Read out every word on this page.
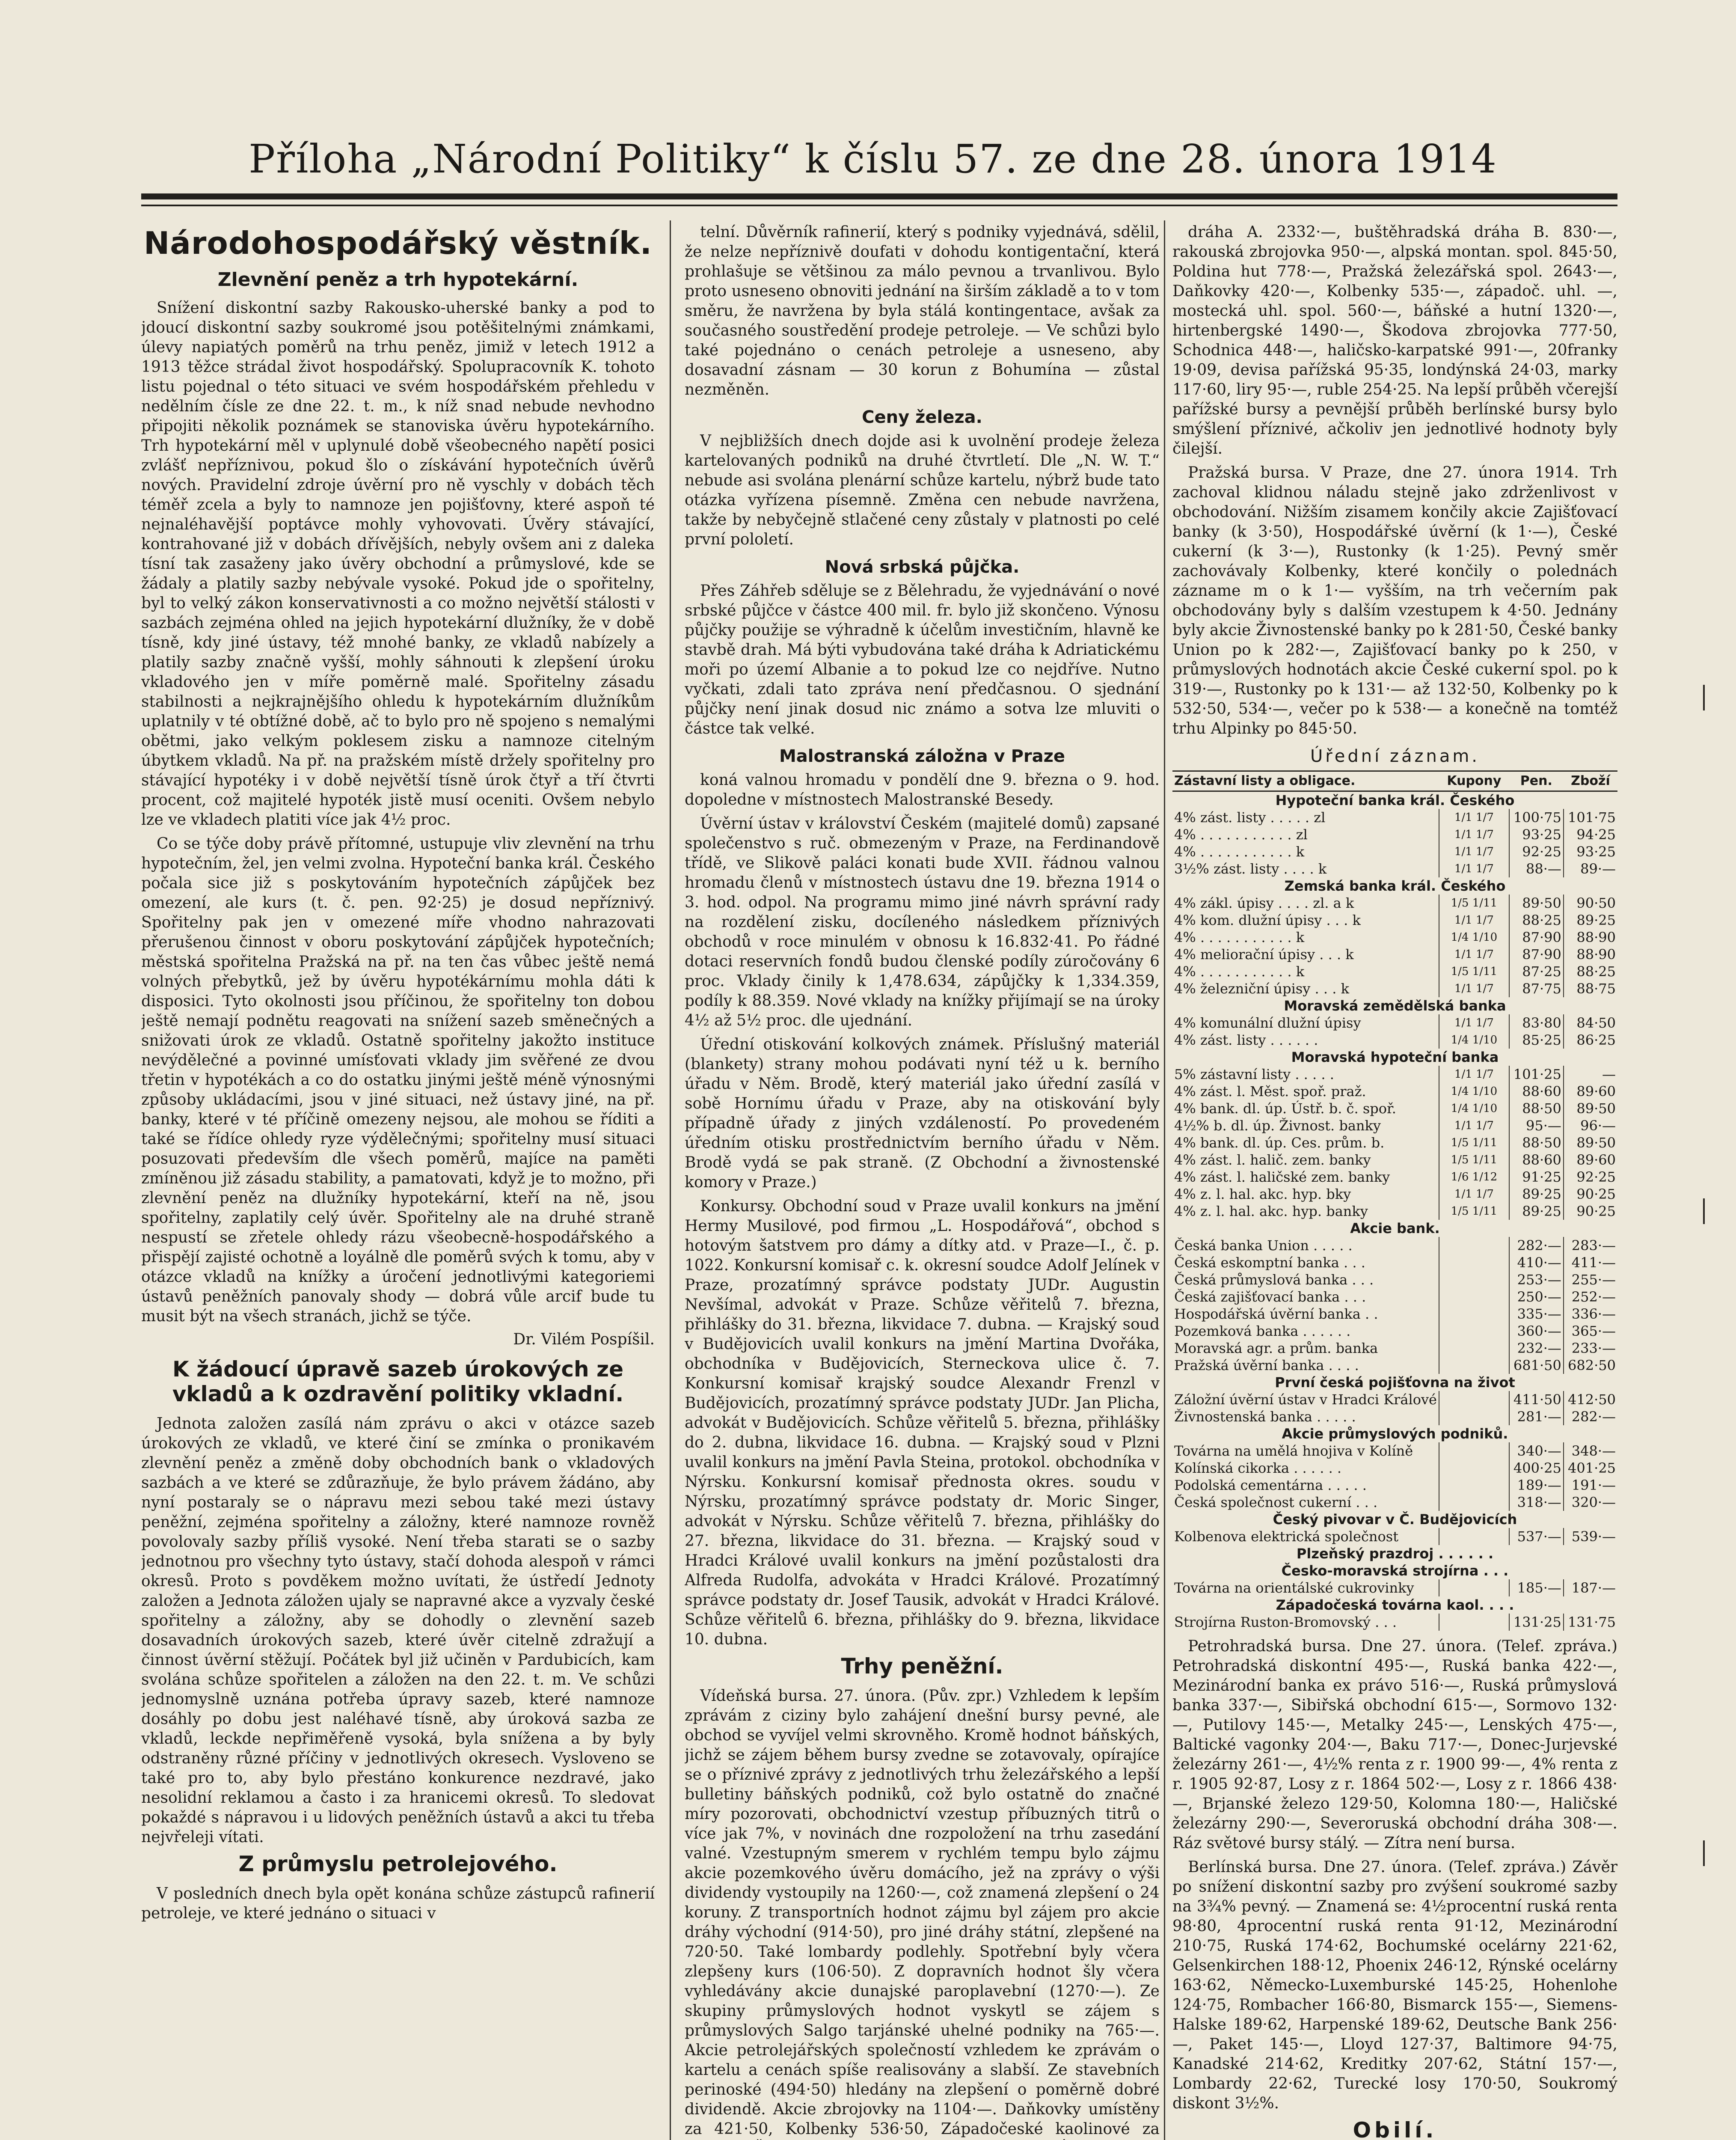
Příloha „Národní Politiky“ k číslu 57. ze dne 28. února 1914
Národohospodářský věstník.
Zlevnění peněz a trh hypotekární.

Snížení diskontní sazby Rakousko-uherské banky a pod to jdoucí diskontní sazby soukromé jsou potěšitelnými známkami, úlevy napiatých poměrů na trhu peněz, jimiž v letech 1912 a 1913 těžce strádal život hospodářský. Spolupracovník K. tohoto listu pojednal o této situaci ve svém hospodářském přehledu v nedělním čísle ze dne 22. t. m., k níž snad nebude nevhodno připojiti několik poznámek se stanoviska úvěru hypotekárního. Trh hypotekární měl v uplynulé době všeobecného napětí posici zvlášť nepříznivou, pokud šlo o získávání hypotečních úvěrů nových. Pravidelní zdroje úvěrní pro ně vyschly v dobách těch téměř zcela a byly to namnoze jen pojišťovny, které aspoň té nejnaléhavější poptávce mohly vyhovovati. Úvěry stávající, kontrahované již v dobách dřívějších, nebyly ovšem ani z daleka tísní tak zasaženy jako úvěry obchodní a průmyslové, kde se žádaly a platily sazby nebývale vysoké. Pokud jde o spořitelny, byl to velký zákon konservativnosti a co možno největší stálosti v sazbách zejména ohled na jejich hypotekární dlužníky, že v době tísně, kdy jiné ústavy, též mnohé banky, ze vkladů nabízely a platily sazby značně vyšší, mohly sáhnouti k zlepšení úroku vkladového jen v míře poměrně malé. Spořitelny zásadu stabilnosti a nejkrajnějšího ohledu k hypotekárním dlužníkům uplatnily v té obtížné době, ač to bylo pro ně spojeno s nemalými obětmi, jako velkým poklesem zisku a namnoze citelným úbytkem vkladů. Na př. na pražském místě držely spořitelny pro stávající hypotéky i v době největší tísně úrok čtyř a tří čtvrti procent, což majitelé hypoték jistě musí oceniti. Ovšem nebylo lze ve vkladech platiti více jak 4½ proc.

Co se týče doby právě přítomné, ustupuje vliv zlevnění na trhu hypotečním, žel, jen velmi zvolna. Hypoteční banka král. Českého počala sice již s poskytováním hypotečních zápůjček bez omezení, ale kurs (t. č. pen. 92·25) je dosud nepříznivý. Spořitelny pak jen v omezené míře vhodno nahrazovati přerušenou činnost v oboru poskytování zápůjček hypotečních; městská spořitelna Pražská na př. na ten čas vůbec ještě nemá volných přebytků, jež by úvěru hypotékárnímu mohla dáti k disposici. Tyto okolnosti jsou příčinou, že spořitelny ton dobou ještě nemají podnětu reagovati na snížení sazeb směnečných a snižovati úrok ze vkladů. Ostatně spořitelny jakožto instituce nevýdělečné a povinné umísťovati vklady jim svěřené ze dvou třetin v hypotékách a co do ostatku jinými ještě méně výnosnými způsoby ukládacími, jsou v jiné situaci, než ústavy jiné, na př. banky, které v té příčině omezeny nejsou, ale mohou se říditi a také se řídíce ohledy ryze výdělečnými; spořitelny musí situaci posuzovati především dle všech poměrů, majíce na paměti zmíněnou již zásadu stability, a pamatovati, když je to možno, při zlevnění peněz na dlužníky hypotekární, kteří na ně, jsou spořitelny, zaplatily celý úvěr. Spořitelny ale na druhé straně nespustí se zřetele ohledy rázu všeobecně-hospodářského a přispějí zajisté ochotně a loyálně dle poměrů svých k tomu, aby v otázce vkladů na knížky a úročení jednotlivými kategoriemi ústavů peněžních panovaly shody — dobrá vůle arcif bude tu musit být na všech stranách, jichž se týče.

Dr. Vilém Pospíšil.
K žádoucí úpravě sazeb úrokových ze vkladů a k ozdravění politiky vkladní.

Jednota založen zasílá nám zprávu o akci v otázce sazeb úrokových ze vkladů, ve které činí se zmínka o pronikavém zlevnění peněz a změně doby obchodních bank o vkladových sazbách a ve které se zdůrazňuje, že bylo právem žádáno, aby nyní postaraly se o nápravu mezi sebou také mezi ústavy peněžní, zejména spořitelny a záložny, které namnoze rovněž povolovaly sazby příliš vysoké. Není třeba starati se o sazby jednotnou pro všechny tyto ústavy, stačí dohoda alespoň v rámci okresů. Proto s povděkem možno uvítati, že ústředí Jednoty založen a Jednota záložen ujaly se napravné akce a vyzvaly české spořitelny a záložny, aby se dohodly o zlevnění sazeb dosavadních úrokových sazeb, které úvěr citelně zdražují a činnost úvěrní stěžují. Počátek byl již učiněn v Pardubicích, kam svolána schůze spořitelen a záložen na den 22. t. m. Ve schůzi jednomyslně uznána potřeba úpravy sazeb, které namnoze dosáhly po dobu jest naléhavé tísně, aby úroková sazba ze vkladů, leckde nepřiměřeně vysoká, byla snížena a by byly odstraněny různé příčiny v jednotlivých okresech. Vysloveno se také pro to, aby bylo přestáno konkurence nezdravé, jako nesolidní reklamou a často i za hranicemi okresů. To sledovat pokaždé s nápravou i u lidových peněžních ústavů a akci tu třeba nejvřeleji vítati.

Z průmyslu petrolejového.

V posledních dnech byla opět konána schůze zástupců rafinerií petroleje, ve které jednáno o situaci v

telní. Důvěrník rafinerií, který s podniky vyjednává, sdělil, že nelze nepříznivě doufati v dohodu kontigentační, která prohlašuje se většinou za málo pevnou a trvanlivou. Bylo proto usneseno obnoviti jednání na širším základě a to v tom směru, že navržena by byla stálá kontingentace, avšak za současného soustředění prodeje petroleje. — Ve schůzi bylo také pojednáno o cenách petroleje a usneseno, aby dosavadní zásnam — 30 korun z Bohumína — zůstal nezměněn.

Ceny železa.

V nejbližších dnech dojde asi k uvolnění prodeje železa kartelovaných podniků na druhé čtvrtletí. Dle „N. W. T.“ nebude asi svolána plenární schůze kartelu, nýbrž bude tato otázka vyřízena písemně. Změna cen nebude navržena, takže by nebyčejně stlačené ceny zůstaly v platnosti po celé první pololetí.

Nová srbská půjčka.

Přes Záhřeb sděluje se z Bělehradu, že vyjednávání o nové srbské půjčce v částce 400 mil. fr. bylo již skončeno. Výnosu půjčky použije se výhradně k účelům investičním, hlavně ke stavbě drah. Má býti vybudována také dráha k Adriatickému moři po území Albanie a to pokud lze co nejdříve. Nutno vyčkati, zdali tato zpráva není předčasnou. O sjednání půjčky není jinak dosud nic známo a sotva lze mluviti o částce tak velké.

Malostranská záložna v Praze

koná valnou hromadu v pondělí dne 9. března o 9. hod. dopoledne v místnostech Malostranské Besedy.

Úvěrní ústav v království Českém (majitelé domů) zapsané společenstvo s ruč. obmezeným v Praze, na Ferdinandově třídě, ve Slikově paláci konati bude XVII. řádnou valnou hromadu členů v místnostech ústavu dne 19. března 1914 o 3. hod. odpol. Na programu mimo jiné návrh správní rady na rozdělení zisku, docíleného následkem příznivých obchodů v roce minulém v obnosu k 16.832·41. Po řádné dotaci reservních fondů budou členské podíly zúročovány 6 proc. Vklady činily k 1,478.634, zápůjčky k 1,334.359, podíly k 88.359. Nové vklady na knížky přijímají se na úroky 4½ až 5½ proc. dle ujednání.

Úřední otiskování kolkových známek. Příslušný materiál (blankety) strany mohou podávati nyní též u k. berního úřadu v Něm. Brodě, který materiál jako úřední zasílá v sobě Hornímu úřadu v Praze, aby na otiskování byly případně úřady z jiných vzdáleností. Po provedeném úředním otisku prostřednictvím berního úřadu v Něm. Brodě vydá se pak straně. (Z Obchodní a živnostenské komory v Praze.)

Konkursy. Obchodní soud v Praze uvalil konkurs na jmění Hermy Musilové, pod firmou „L. Hospodářová“, obchod s hotovým šatstvem pro dámy a dítky atd. v Praze—I., č. p. 1022. Konkursní komisař c. k. okresní soudce Adolf Jelínek v Praze, prozatímný správce podstaty JUDr. Augustin Nevšímal, advokát v Praze. Schůze věřitelů 7. března, přihlášky do 31. března, likvidace 7. dubna. — Krajský soud v Budějovicích uvalil konkurs na jmění Martina Dvořáka, obchodníka v Budějovicích, Sterneckova ulice č. 7. Konkursní komisař krajský soudce Alexandr Frenzl v Budějovicích, prozatímný správce podstaty JUDr. Jan Plicha, advokát v Budějovicích. Schůze věřitelů 5. března, přihlášky do 2. dubna, likvidace 16. dubna. — Krajský soud v Plzni uvalil konkurs na jmění Pavla Steina, protokol. obchodníka v Nýrsku. Konkursní komisař přednosta okres. soudu v Nýrsku, prozatímný správce podstaty dr. Moric Singer, advokát v Nýrsku. Schůze věřitelů 7. března, přihlášky do 27. března, likvidace do 31. března. — Krajský soud v Hradci Králové uvalil konkurs na jmění pozůstalosti dra Alfreda Rudolfa, advokáta v Hradci Králové. Prozatímný správce podstaty dr. Josef Tausik, advokát v Hradci Králové. Schůze věřitelů 6. března, přihlášky do 9. března, likvidace 10. dubna.

Trhy peněžní.

Vídeňská bursa. 27. února. (Pův. zpr.) Vzhledem k lepším zprávám z ciziny bylo zahájení dnešní bursy pevné, ale obchod se vyvíjel velmi skrovněho. Kromě hodnot báňských, jichž se zájem během bursy zvedne se zotavovaly, opírajíce se o příznivé zprávy z jednotlivých trhu železářského a lepší bulletiny báňských podniků, což bylo ostatně do značné míry pozorovati, obchodnictví vzestup příbuzných titrů o více jak 7%, v novinách dne rozpoložení na trhu zasedání valné. Vzestupným smerem v rychlém tempu bylo zájmu akcie pozemkového úvěru domácího, jež na zprávy o výši dividendy vystoupily na 1260·—, což znamená zlepšení o 24 koruny. Z transportních hodnot zájmu byl zájem pro akcie dráhy východní (914·50), pro jiné dráhy státní, zlepšené na 720·50. Také lombardy podlehly. Spotřební byly včera zlepšeny kurs (106·50). Z dopravních hodnot šly včera vyhledávány akcie dunajské paroplavební (1270·—). Ze skupiny průmyslových hodnot vyskytl se zájem s průmyslových Salgo tarjánské uhelné podniky na 765·—. Akcie petrolejářských společností vzhledem ke zprávám o kartelu a cenách spíše realisovány a slabší. Ze stavebních perinoské (494·50) hledány na zlepšení o poměrně dobré dividendě. Akcie zbrojovky na 1104·—. Daňkovky umístěny za 421·50, Kolbenky 536·50, Západočeské kaolinové za

dráha A. 2332·—, buštěhradská dráha B. 830·—, rakouská zbrojovka 950·—, alpská montan. spol. 845·50, Poldina hut 778·—, Pražská železářská spol. 2643·—, Daňkovky 420·—, Kolbenky 535·—, západoč. uhl. —, mostecká uhl. spol. 560·—, báňské a hutní 1320·—, hirtenbergské 1490·—, Škodova zbrojovka 777·50, Schodnica 448·—, haličsko-karpatské 991·—, 20franky 19·09, devisa pařížská 95·35, londýnská 24·03, marky 117·60, liry 95·—, ruble 254·25. Na lepší průběh včerejší pařížské bursy a pevnější průběh berlínské bursy bylo smýšlení příznivé, ačkoliv jen jednotlivé hodnoty byly čilejší.

Pražská bursa. V Praze, dne 27. února 1914. Trh zachoval klidnou náladu stejně jako zdrženlivost v obchodování. Nižším zisamem končily akcie Zajišťovací banky (k 3·50), Hospodářské úvěrní (k 1·—), České cukerní (k 3·—), Rustonky (k 1·25). Pevný směr zachovávaly Kolbenky, které končily o polednách zázname m o k 1·— vyšším, na trh večerním pak obchodovány byly s dalším vzestupem k 4·50. Jednány byly akcie Živnostenské banky po k 281·50, České banky Union po k 282·—, Zajišťovací banky po k 250, v průmyslových hodnotách akcie České cukerní spol. po k 319·—, Rustonky po k 131·— až 132·50, Kolbenky po k 532·50, 534·—, večer po k 538·— a konečně na tomtéž trhu Alpinky po 845·50.

Úřední záznam.
Zástavní listy a obligace.	Kupony	Pen.	Zboží
Hypoteční banka král. Českého			
4% zást. listy . . . . . zl	1/1 1/7	100·75	101·75
4% . . . . . . . . . . . zl	1/1 1/7	93·25	94·25
4% . . . . . . . . . . . k	1/1 1/7	92·25	93·25
3½% zást. listy . . . . k	1/1 1/7	88·—	89·—
Zemská banka král. Českého			
4% zákl. úpisy . . . . zl. a k	1/5 1/11	89·50	90·50
4% kom. dlužní úpisy . . . k	1/1 1/7	88·25	89·25
4% . . . . . . . . . . . k	1/4 1/10	87·90	88·90
4% meliorační úpisy . . . k	1/1 1/7	87·90	88·90
4% . . . . . . . . . . . k	1/5 1/11	87·25	88·25
4% železniční úpisy . . . k	1/1 1/7	87·75	88·75
Moravská zemědělská banka			
4% komunální dlužní úpisy	1/1 1/7	83·80	84·50
4% zást. listy . . . . . .	1/4 1/10	85·25	86·25
Moravská hypoteční banka			
5% zástavní listy . . . . .	1/1 1/7	101·25	—
4% zást. l. Měst. spoř. praž.	1/4 1/10	88·60	89·60
4% bank. dl. úp. Ústř. b. č. spoř.	1/4 1/10	88·50	89·50
4½% b. dl. úp. Živnost. banky	1/1 1/7	95·—	96·—
4% bank. dl. úp. Ces. prům. b.	1/5 1/11	88·50	89·50
4% zást. l. halič. zem. banky	1/5 1/11	88·60	89·60
4% zást. l. haličské zem. banky	1/6 1/12	91·25	92·25
4% z. l. hal. akc. hyp. bky	1/1 1/7	89·25	90·25
4% z. l. hal. akc. hyp. banky	1/5 1/11	89·25	90·25
Akcie bank.			
Česká banka Union . . . . .		282·—	283·—
Česká eskomptní banka . . .		410·—	411·—
Česká průmyslová banka . . .		253·—	255·—
Česká zajišťovací banka . . .		250·—	252·—
Hospodářská úvěrní banka . .		335·—	336·—
Pozemková banka . . . . . .		360·—	365·—
Moravská agr. a prům. banka		232·—	233·—
Pražská úvěrní banka . . . .		681·50	682·50
První česká pojišťovna na život			
Záložní úvěrní ústav v Hradci Králové		411·50	412·50
Živnostenská banka . . . . .		281·—	282·—
Akcie průmyslových podniků.			
Továrna na umělá hnojiva v Kolíně		340·—	348·—
Kolínská cikorka . . . . . .		400·25	401·25
Podolská cementárna . . . . .		189·—	191·—
Česká společnost cukerní . . .		318·—	320·—
Český pivovar v Č. Budějovicích			
Kolbenova elektrická společnost		537·—	539·—
Plzeňský prazdroj . . . . . .			
Česko-moravská strojírna . . .			
Továrna na orientálské cukrovinky		185·—	187·—
Západočeská továrna kaol. . . .			
Strojírna Ruston-Bromovský . . .		131·25	131·75

Petrohradská bursa. Dne 27. února. (Telef. zpráva.) Petrohradská diskontní 495·—, Ruská banka 422·—, Mezinárodní banka ex právo 516·—, Ruská průmyslová banka 337·—, Sibiřská obchodní 615·—, Sormovo 132·—, Putilovy 145·—, Metalky 245·—, Lenských 475·—, Baltické vagonky 204·—, Baku 717·—, Donec-Jurjevské železárny 261·—, 4½% renta z r. 1900 99·—, 4% renta z r. 1905 92·87, Losy z r. 1864 502·—, Losy z r. 1866 438·—, Brjanské železo 129·50, Kolomna 180·—, Haličské železárny 290·—, Severoruská obchodní dráha 308·—. Ráz světové bursy stálý. — Zítra není bursa.

Berlínská bursa. Dne 27. února. (Telef. zpráva.) Závěr po snížení diskontní sazby pro zvýšení soukromé sazby na 3¾% pevný. — Znamená se: 4½procentní ruská renta 98·80, 4procentní ruská renta 91·12, Mezinárodní 210·75, Ruská 174·62, Bochumské ocelárny 221·62, Gelsenkirchen 188·12, Phoenix 246·12, Rýnské ocelárny 163·62, Německo-Luxemburské 145·25, Hohenlohe 124·75, Rombacher 166·80, Bismarck 155·—, Siemens-Halske 189·62, Harpenské 189·62, Deutsche Bank 256·—, Paket 145·—, Lloyd 127·37, Baltimore 94·75, Kanadské 214·62, Kreditky 207·62, Státní 157·—, Lombardy 22·62, Turecké losy 170·50, Soukromý diskont 3½%.

Obilí.
